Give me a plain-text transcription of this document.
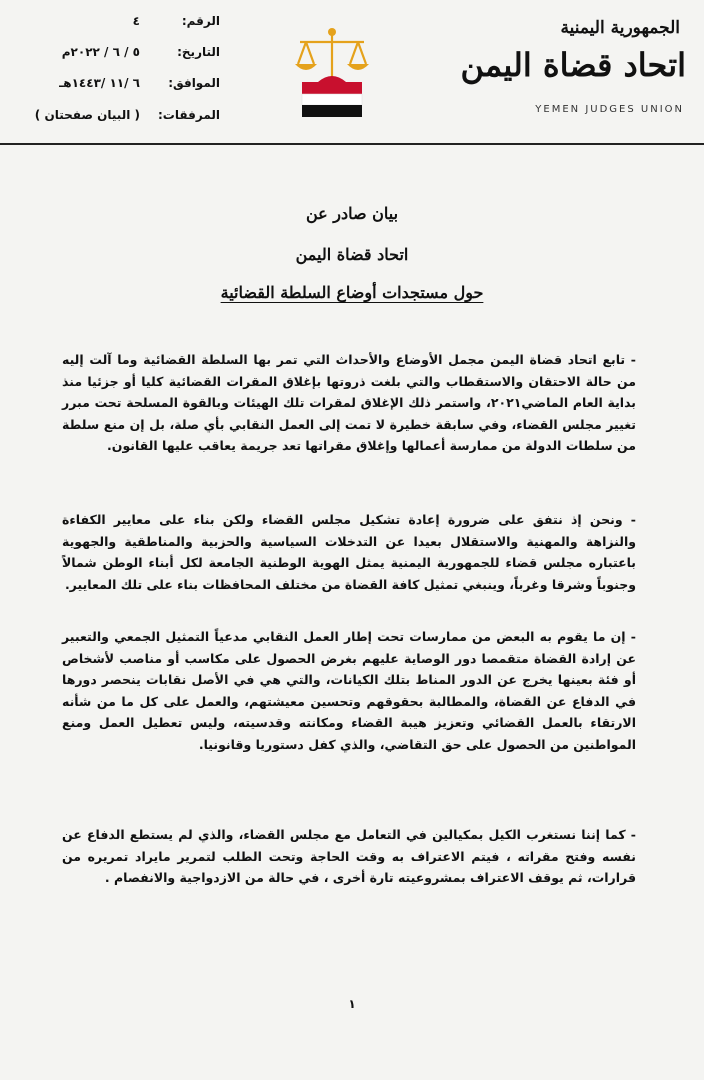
الجمهورية اليمنية
اتحاد قضاة اليمن
YEMEN JUDGES UNION
الرقم:
٤
التاريخ:
٥ / ٦ / ٢٠٢٢م
الموافق:
٦ /١١ /١٤٤٣هـ
المرفقات:
( البيان صفحتان )
بيان صادر عن
اتحاد قضاة اليمن
حول مستجدات أوضاع السلطة القضائية

- تابع اتحاد قضاة اليمن مجمل الأوضاع والأحداث التي تمر بها السلطة القضائية وما آلت إليه من حالة الاحتقان والاستقطاب والتي بلغت ذروتها بإغلاق المقرات القضائية كليا أو جزئيا منذ بداية العام الماضي٢٠٢١، واستمر ذلك الإغلاق لمقرات تلك الهيئات وبالقوة المسلحة تحت مبرر تغيير مجلس القضاء، وفي سابقة خطيرة لا تمت إلى العمل النقابي بأي صلة، بل إن منع سلطة من سلطات الدولة من ممارسة أعمالها وإغلاق مقراتها تعد جريمة يعاقب عليها القانون.

- ونحن إذ نتفق على ضرورة إعادة تشكيل مجلس القضاء ولكن بناء على معايير الكفاءة والنزاهة والمهنية والاستقلال بعيدا عن التدخلات السياسية والحزبية والمناطقية والجهوية باعتباره مجلس قضاء للجمهورية اليمنية يمثل الهوية الوطنية الجامعة لكل أبناء الوطن شمالاً وجنوباً وشرقا وغرباً، وينبغي تمثيل كافة القضاة من مختلف المحافظات بناء على تلك المعايير.

- إن ما يقوم به البعض من ممارسات تحت إطار العمل النقابي مدعياً التمثيل الجمعي والتعبير عن إرادة القضاة متقمصا دور الوصاية عليهم بغرض الحصول على مكاسب أو مناصب لأشخاص أو فئة بعينها يخرج عن الدور المناط بتلك الكيانات، والتي هي في الأصل نقابات ينحصر دورها في الدفاع عن القضاة، والمطالبة بحقوقهم وتحسين معيشتهم، والعمل على كل ما من شأنه الارتقاء بالعمل القضائي وتعزيز هيبة القضاء ومكانته وقدسيته، وليس تعطيل العمل ومنع المواطنين من الحصول على حق التقاضي، والذي كفل دستوريا وقانونيا.

- كما إننا نستغرب الكيل بمكيالين في التعامل مع مجلس القضاء، والذي لم يستطع الدفاع عن نفسه وفتح مقراته ، فيتم الاعتراف به وقت الحاجة وتحت الطلب لتمرير مايراد تمريره من قرارات، ثم يوقف الاعتراف بمشروعيته تارة أخرى ، في حالة من الازدواجية والانفصام .

١
